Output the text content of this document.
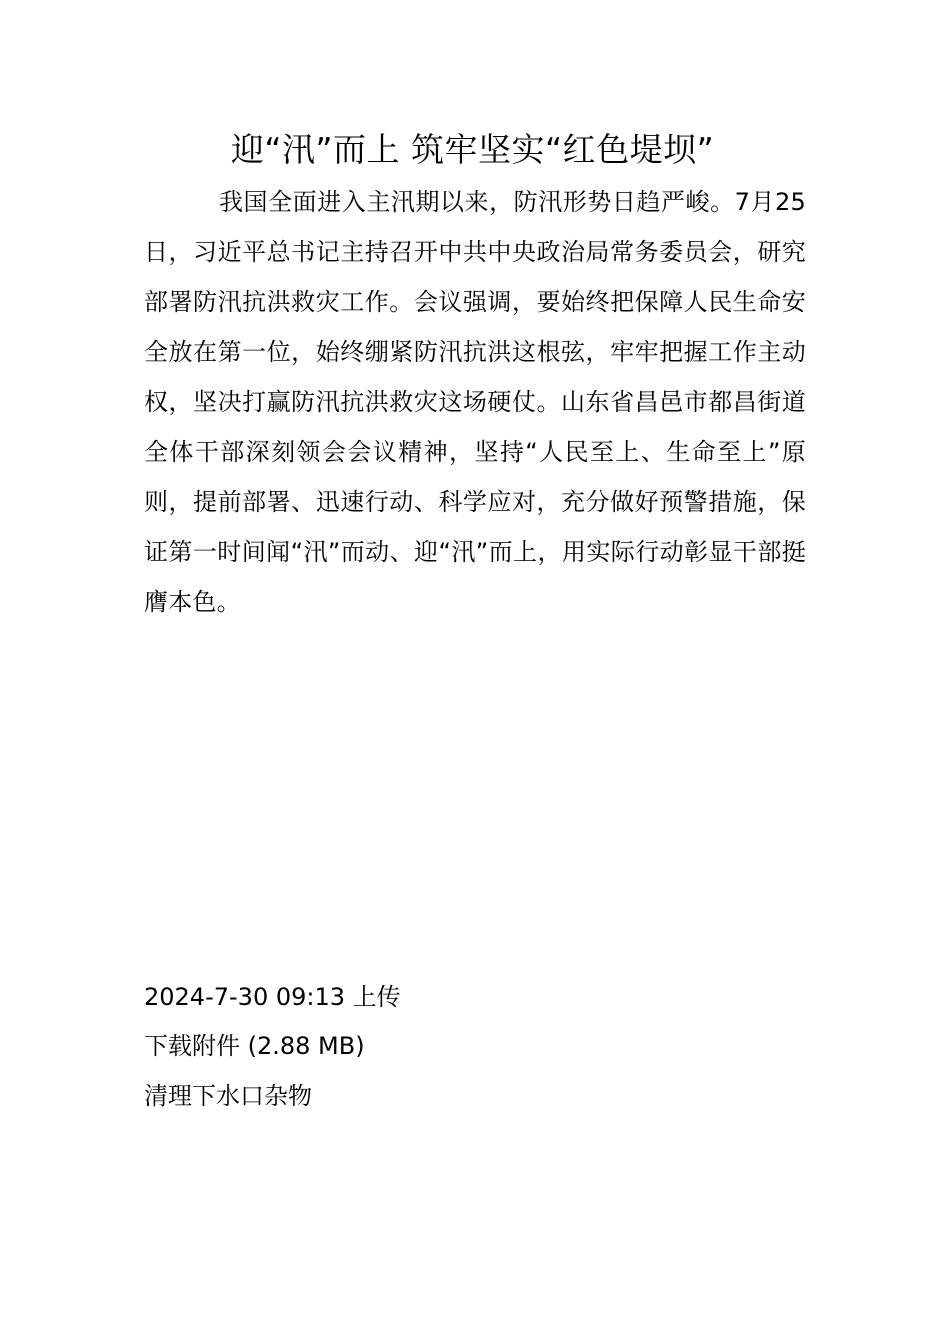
迎“汛”而上 筑牢坚实“红色堤坝”

我国全面进入主汛期以来，防汛形势日趋严峻。7月25日，习近平总书记主持召开中共中央政治局常务委员会，研究部署防汛抗洪救灾工作。会议强调，要始终把保障人民生命安全放在第一位，始终绷紧防汛抗洪这根弦，牢牢把握工作主动权，坚决打赢防汛抗洪救灾这场硬仗。山东省昌邑市都昌街道全体干部深刻领会会议精神，坚持“人民至上、生命至上”原则，提前部署、迅速行动、科学应对，充分做好预警措施，保证第一时间闻“汛”而动、迎“汛”而上，用实际行动彰显干部挺膺本色。

2024-7-30 09:13 上传
下载附件 (2.88 MB)
清理下水口杂物
